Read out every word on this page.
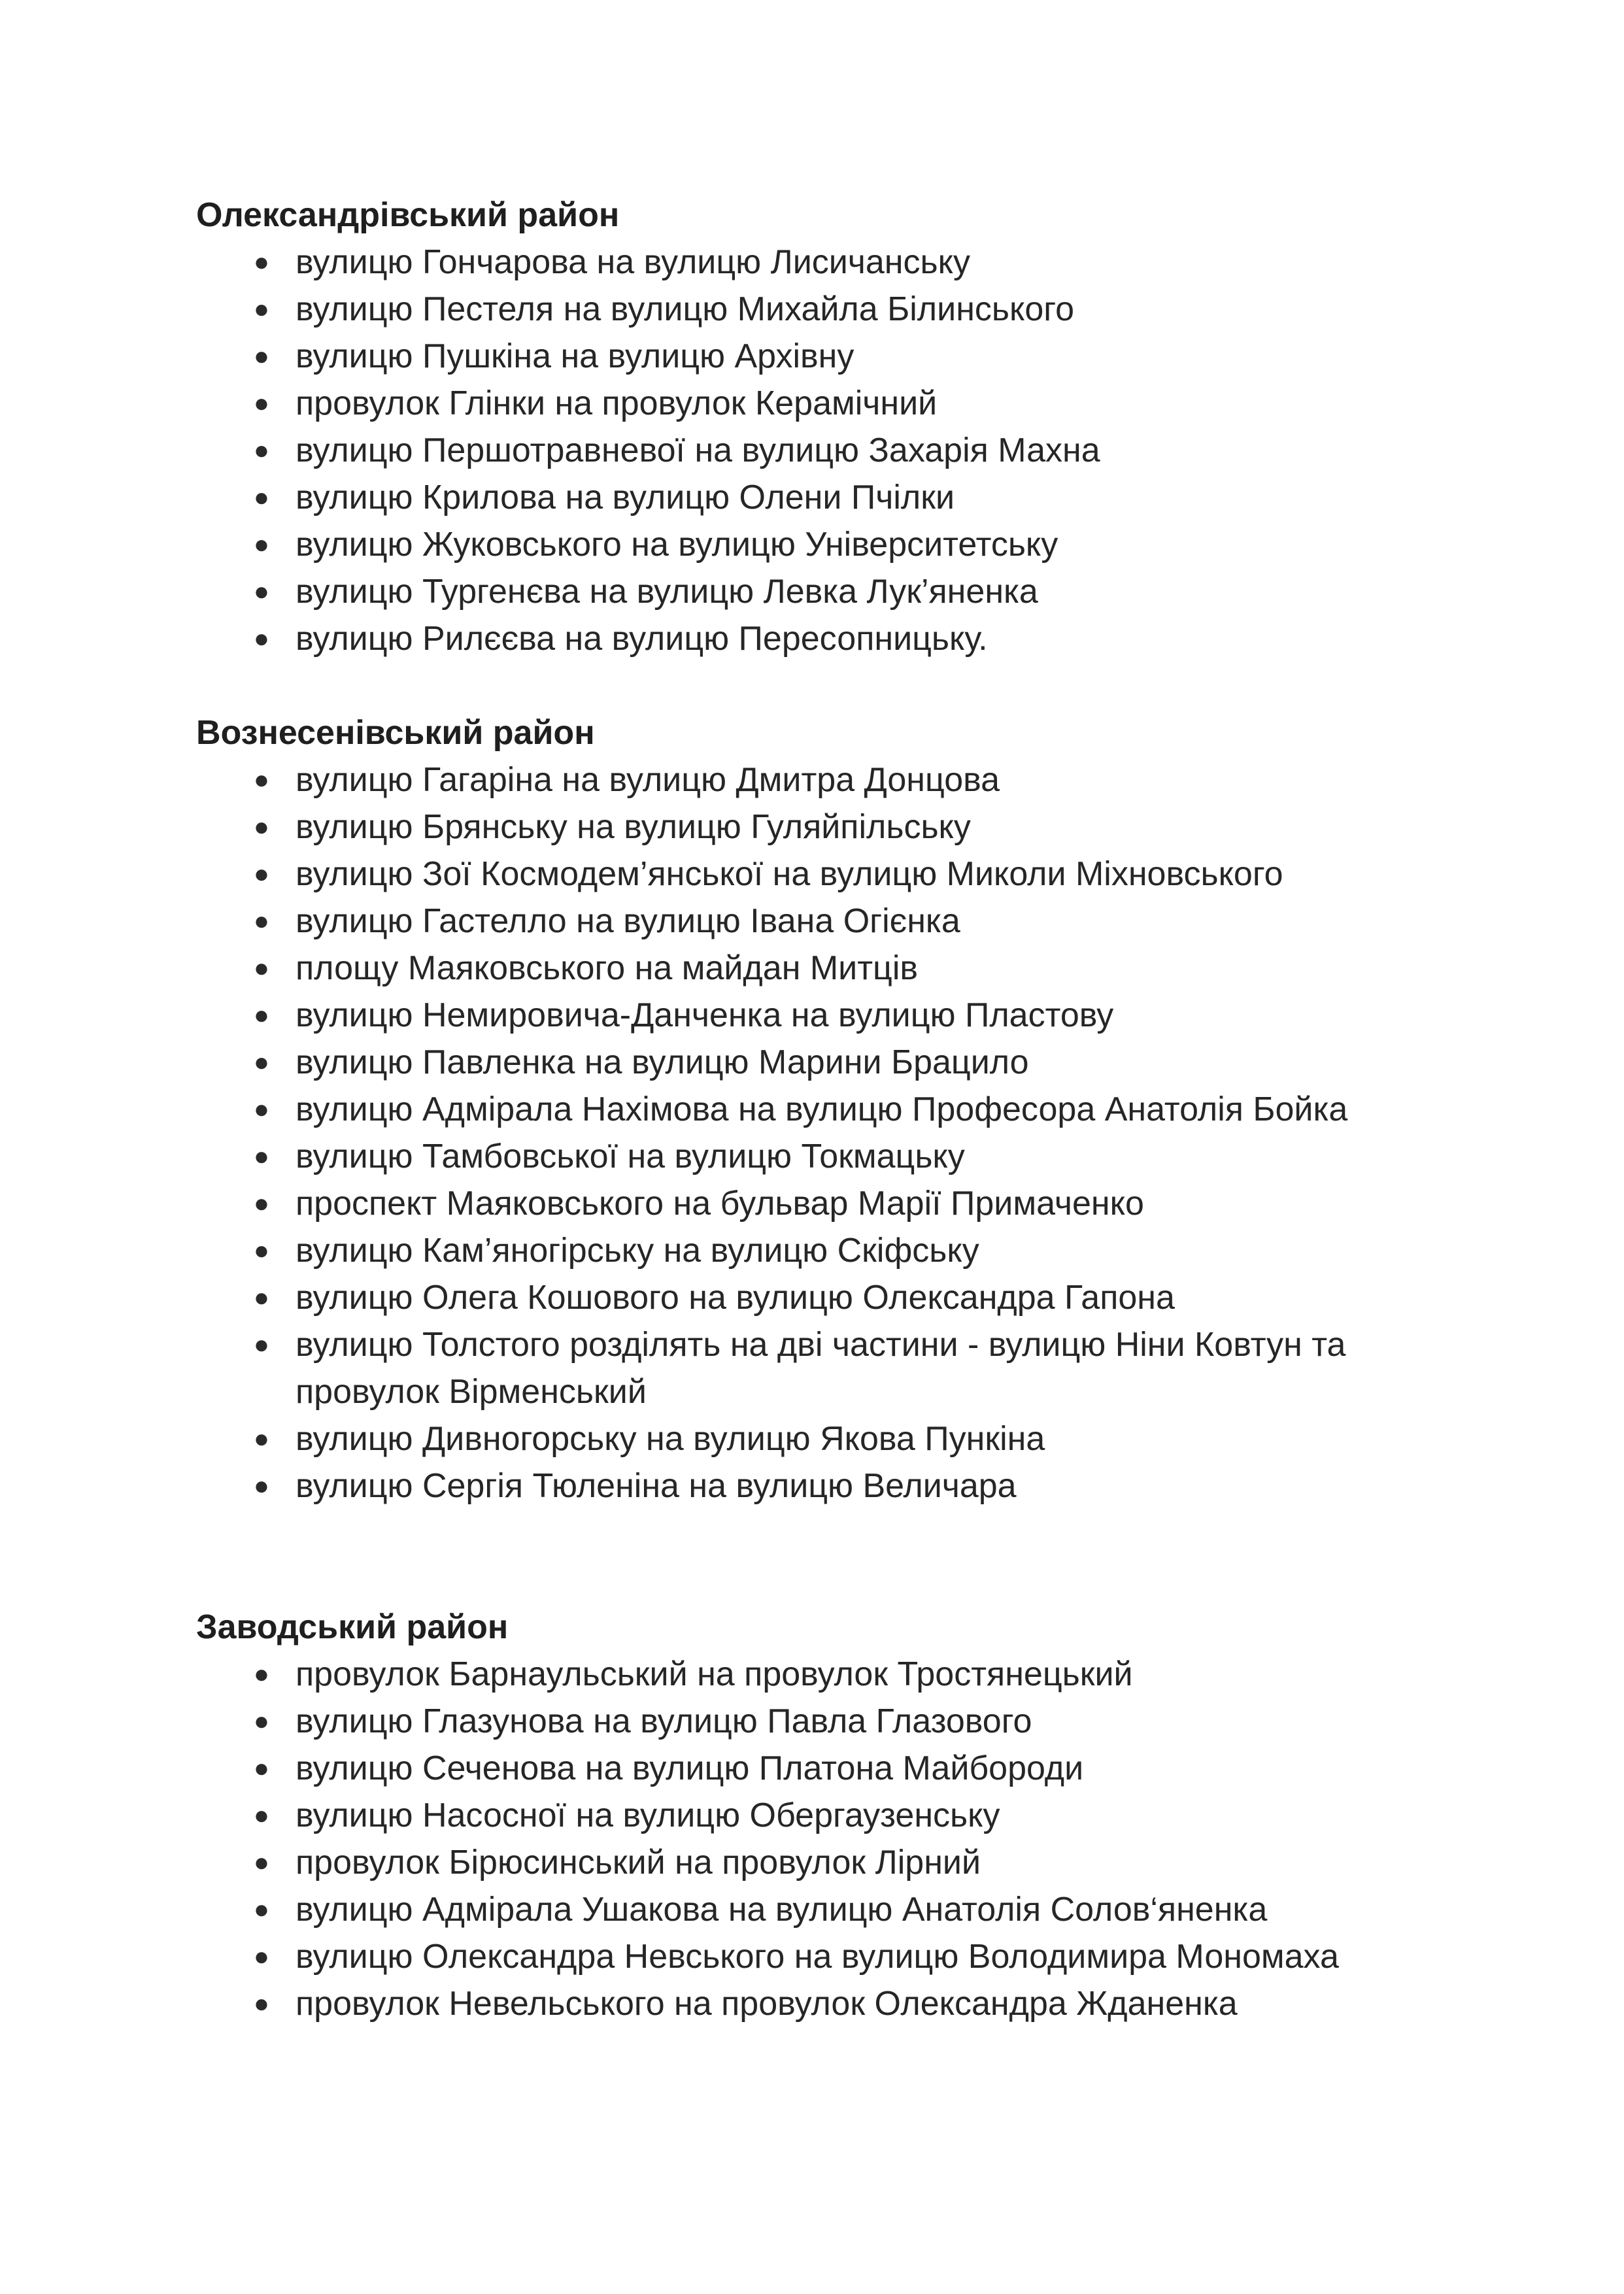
Олександрівський район
● вулицю Гончарова на вулицю Лисичанську
● вулицю Пестеля на вулицю Михайла Білинського
● вулицю Пушкіна на вулицю Архівну
● провулок Глінки на провулок Керамічний
● вулицю Першотравневої на вулицю Захарія Махна
● вулицю Крилова на вулицю Олени Пчілки
● вулицю Жуковського на вулицю Університетську
● вулицю Тургенєва на вулицю Левка Лук’яненка
● вулицю Рилєєва на вулицю Пересопницьку.
Вознесенівський район
● вулицю Гагаріна на вулицю Дмитра Донцова
● вулицю Брянську на вулицю Гуляйпільську
● вулицю Зої Космодем’янської на вулицю Миколи Міхновського
● вулицю Гастелло на вулицю Івана Огієнка
● площу Маяковського на майдан Митців
● вулицю Немировича-Данченка на вулицю Пластову
● вулицю Павленка на вулицю Марини Брацило
● вулицю Адмірала Нахімова на вулицю Професора Анатолія Бойка
● вулицю Тамбовської на вулицю Токмацьку
● проспект Маяковського на бульвар Марії Примаченко
● вулицю Кам’яногірську на вулицю Скіфську
● вулицю Олега Кошового на вулицю Олександра Гапона
● вулицю Толстого розділять на дві частини - вулицю Ніни Ковтун та провулок Вірменський
● вулицю Дивногорську на вулицю Якова Пункіна
● вулицю Сергія Тюленіна на вулицю Величара
Заводський район
● провулок Барнаульський на провулок Тростянецький
● вулицю Глазунова на вулицю Павла Глазового
● вулицю Сеченова на вулицю Платона Майбороди
● вулицю Насосної на вулицю Обергаузенську
● провулок Бірюсинський на провулок Лірний
● вулицю Адмірала Ушакова на вулицю Анатолія Солов‘яненка
● вулицю Олександра Невського на вулицю Володимира Мономаха
● провулок Невельського на провулок Олександра Жданенка
